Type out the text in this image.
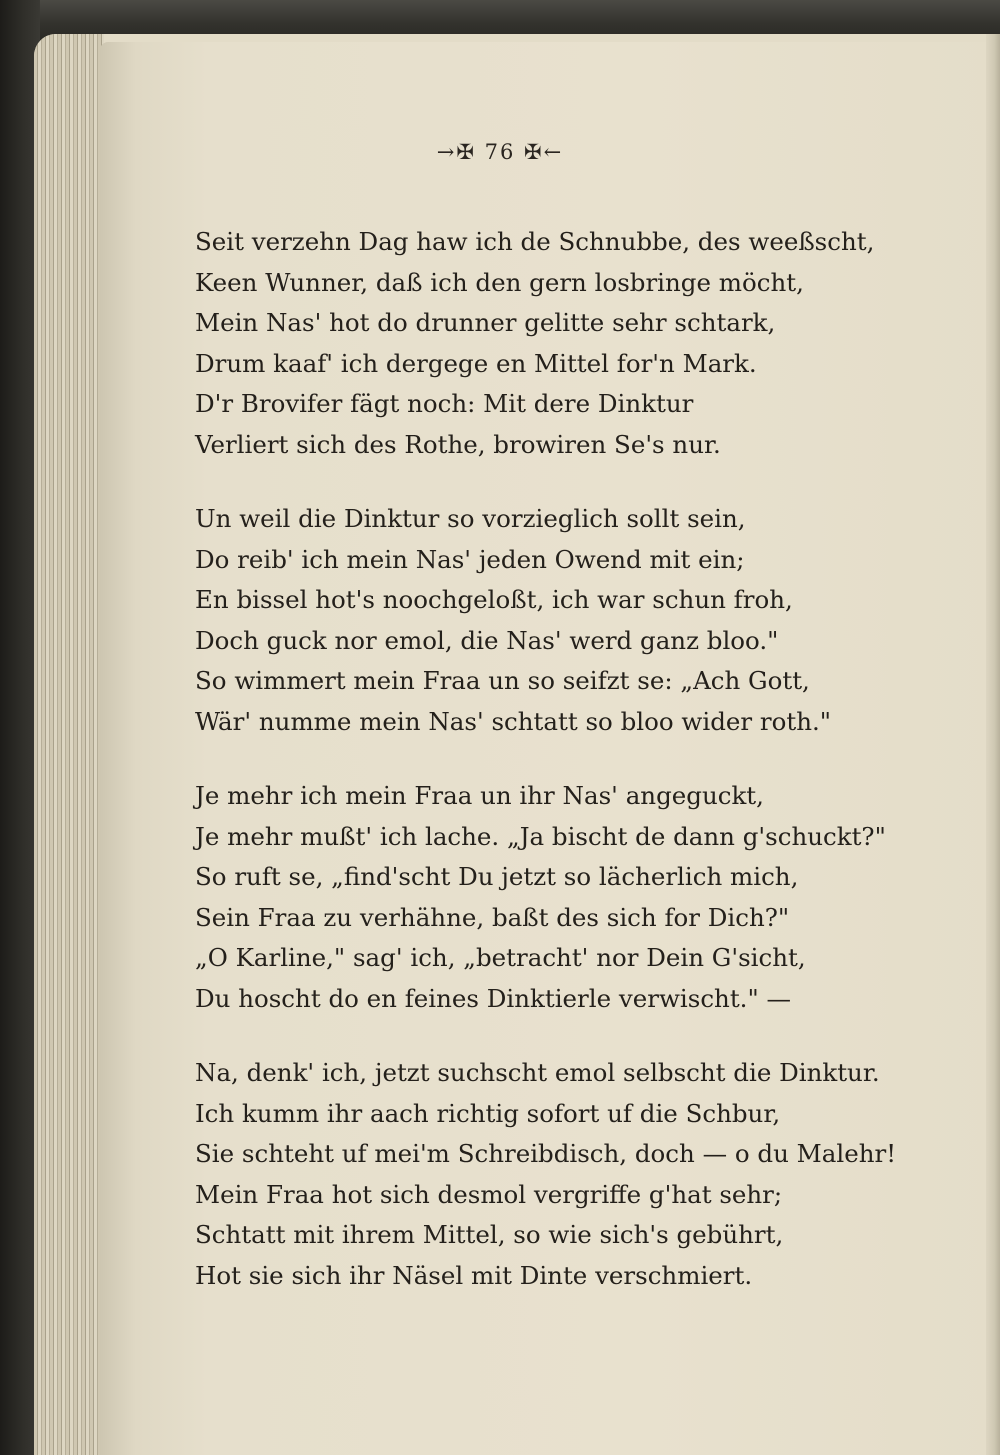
→✠ 76 ✠←
Seit verzehn Dag haw ich de Schnubbe, des weeßscht,
Keen Wunner, daß ich den gern losbringe möcht,
Mein Nas' hot do drunner gelitte sehr schtark,
Drum kaaf' ich dergege en Mittel for'n Mark.
D'r Brovifer fägt noch: Mit dere Dinktur
Verliert sich des Rothe, browiren Se's nur.
Un weil die Dinktur so vorzieglich sollt sein,
Do reib' ich mein Nas' jeden Owend mit ein;
En bissel hot's noochgeloßt, ich war schun froh,
Doch guck nor emol, die Nas' werd ganz bloo."
So wimmert mein Fraa un so seifzt se: „Ach Gott,
Wär' numme mein Nas' schtatt so bloo wider roth."
Je mehr ich mein Fraa un ihr Nas' angeguckt,
Je mehr mußt' ich lache. „Ja bischt de dann g'schuckt?"
So ruft se, „find'scht Du jetzt so lächerlich mich,
Sein Fraa zu verhähne, baßt des sich for Dich?"
„O Karline," sag' ich, „betracht' nor Dein G'sicht,
Du hoscht do en feines Dinktierle verwischt." —
Na, denk' ich, jetzt suchscht emol selbscht die Dinktur.
Ich kumm ihr aach richtig sofort uf die Schbur,
Sie schteht uf mei'm Schreibdisch, doch — o du Malehr!
Mein Fraa hot sich desmol vergriffe g'hat sehr;
Schtatt mit ihrem Mittel, so wie sich's gebührt,
Hot sie sich ihr Näsel mit Dinte verschmiert.
